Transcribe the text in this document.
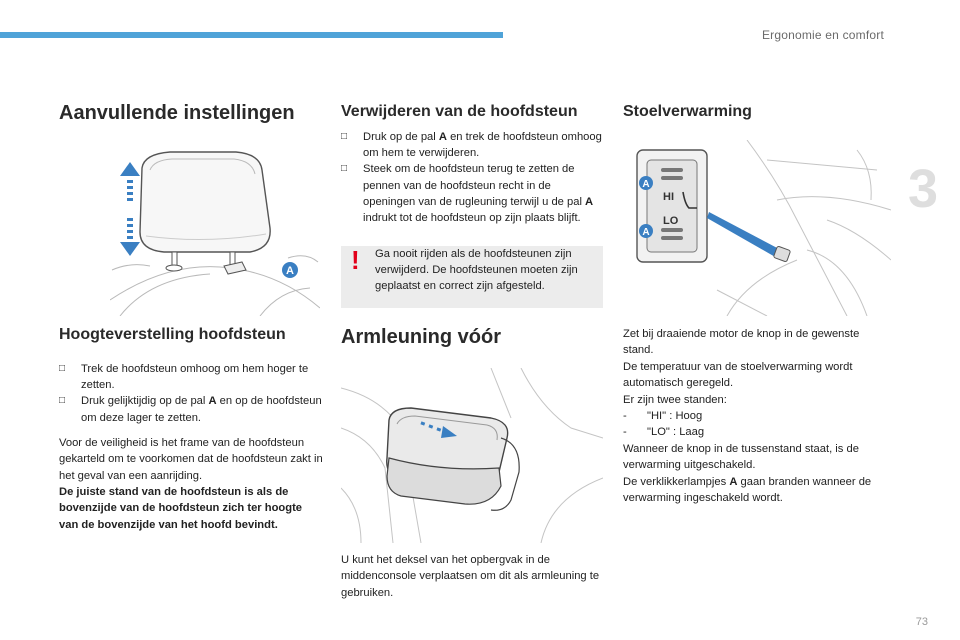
Ergonomie en comfort
3
73
Aanvullende instellingen
A
Hoogteverstelling hoofdsteun
□ Trek de hoofdsteun omhoog om hem hoger te zetten.
□ Druk gelijktijdig op de pal A en op de hoofdsteun om deze lager te zetten.

Voor de veiligheid is het frame van de hoofdsteun gekarteld om te voorkomen dat de hoofdsteun zakt in het geval van een aanrijding.

De juiste stand van de hoofdsteun is als de bovenzijde van de hoofdsteun zich ter hoogte van de bovenzijde van het hoofd bevindt.

Verwijderen van de hoofdsteun
□ Druk op de pal A en trek de hoofdsteun omhoog om hem te verwijderen.
□ Steek om de hoofdsteun terug te zetten de pennen van de hoofdsteun recht in de openingen van de rugleuning terwijl u de pal A indrukt tot de hoofdsteun op zijn plaats blijft.
! Ga nooit rijden als de hoofdsteunen zijn verwijderd. De hoofdsteunen moeten zijn geplaatst en correct zijn afgesteld.
Armleuning vóór

U kunt het deksel van het opbergvak in de middenconsole verplaatsen om dit als armleuning te gebruiken.

Stoelverwarming
HI
LO
A
A

Zet bij draaiende motor de knop in de gewenste stand.

De temperatuur van de stoelverwarming wordt automatisch geregeld.

Er zijn twee standen:

- "HI" : Hoog
- "LO" : Laag

Wanneer de knop in de tussenstand staat, is de verwarming uitgeschakeld.

De verklikkerlampjes A gaan branden wanneer de verwarming ingeschakeld wordt.
